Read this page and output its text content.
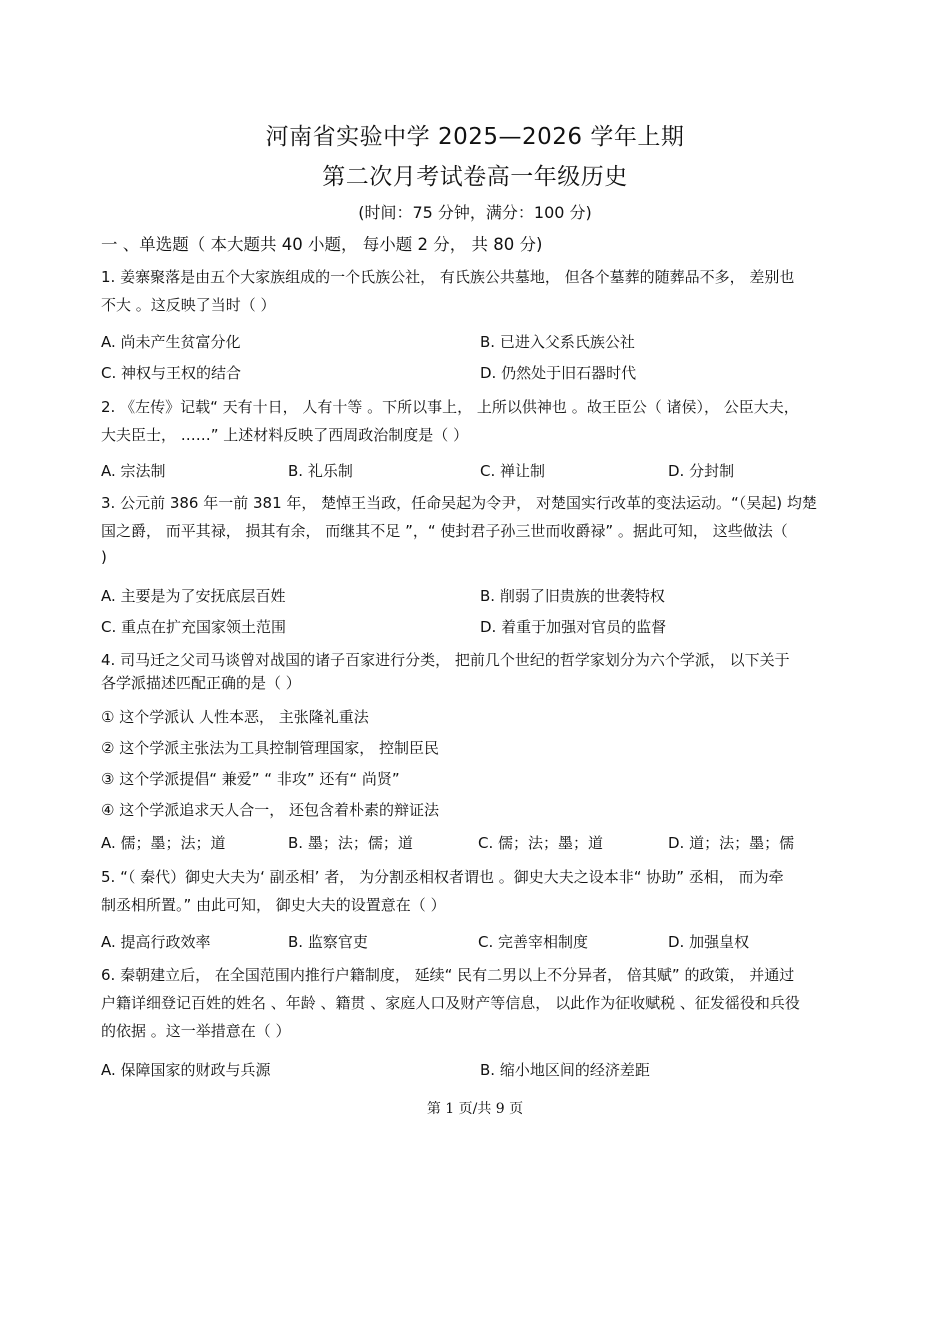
河南省实验中学 2025—2026 学年上期
第二次月考试卷高一年级历史
(时间：75 分钟，满分：100 分)
一 、单选题（ 本大题共 40 小题， 每小题 2 分， 共 80 分)
1. 姜寨聚落是由五个大家族组成的一个氏族公社， 有氏族公共墓地， 但各个墓葬的随葬品不多， 差别也
不大 。这反映了当时（ ）
A. 尚未产生贫富分化	B. 已进入父系氏族公社
C. 神权与王权的结合	D. 仍然处于旧石器时代
2. 《左传》记载“ 天有十日， 人有十等 。下所以事上， 上所以供神也 。故王臣公（ 诸侯）， 公臣大夫，
大夫臣士， ……” 上述材料反映了西周政治制度是（ ）
A. 宗法制	B. 礼乐制	C. 禅让制	D. 分封制
3. 公元前 386 年一前 381 年， 楚悼王当政，任命吴起为令尹， 对楚国实行改革的变法运动。“（吴起) 均楚
国之爵， 而平其禄， 损其有余， 而继其不足 ”，“ 使封君子孙三世而收爵禄” 。据此可知， 这些做法（
)
A. 主要是为了安抚底层百姓	B. 削弱了旧贵族的世袭特权
C. 重点在扩充国家领土范围	D. 着重于加强对官员的监督
4. 司马迁之父司马谈曾对战国的诸子百家进行分类， 把前几个世纪的哲学家划分为六个学派， 以下关于
各学派描述匹配正确的是（ ）
① 这个学派认 人性本恶， 主张隆礼重法
② 这个学派主张法为工具控制管理国家， 控制臣民
③ 这个学派提倡“ 兼爱” “ 非攻” 还有“ 尚贤”
④ 这个学派追求天人合一， 还包含着朴素的辩证法
A. 儒；墨；法；道	B. 墨；法；儒；道	C. 儒；法；墨；道	D. 道；法；墨；儒
5. “（ 秦代）御史大夫为‘ 副丞相’ 者， 为分割丞相权者谓也 。御史大夫之设本非“ 协助” 丞相， 而为牵
制丞相所置。” 由此可知， 御史大夫的设置意在（ ）
A. 提高行政效率	B. 监察官吏	C. 完善宰相制度	D. 加强皇权
6. 秦朝建立后， 在全国范围内推行户籍制度， 延续“ 民有二男以上不分异者， 倍其赋” 的政策， 并通过
户籍详细登记百姓的姓名 、年龄 、籍贯 、家庭人口及财产等信息， 以此作为征收赋税 、征发徭役和兵役
的依据 。这一举措意在（ ）
A. 保障国家的财政与兵源	B. 缩小地区间的经济差距
第 1 页/共 9 页
